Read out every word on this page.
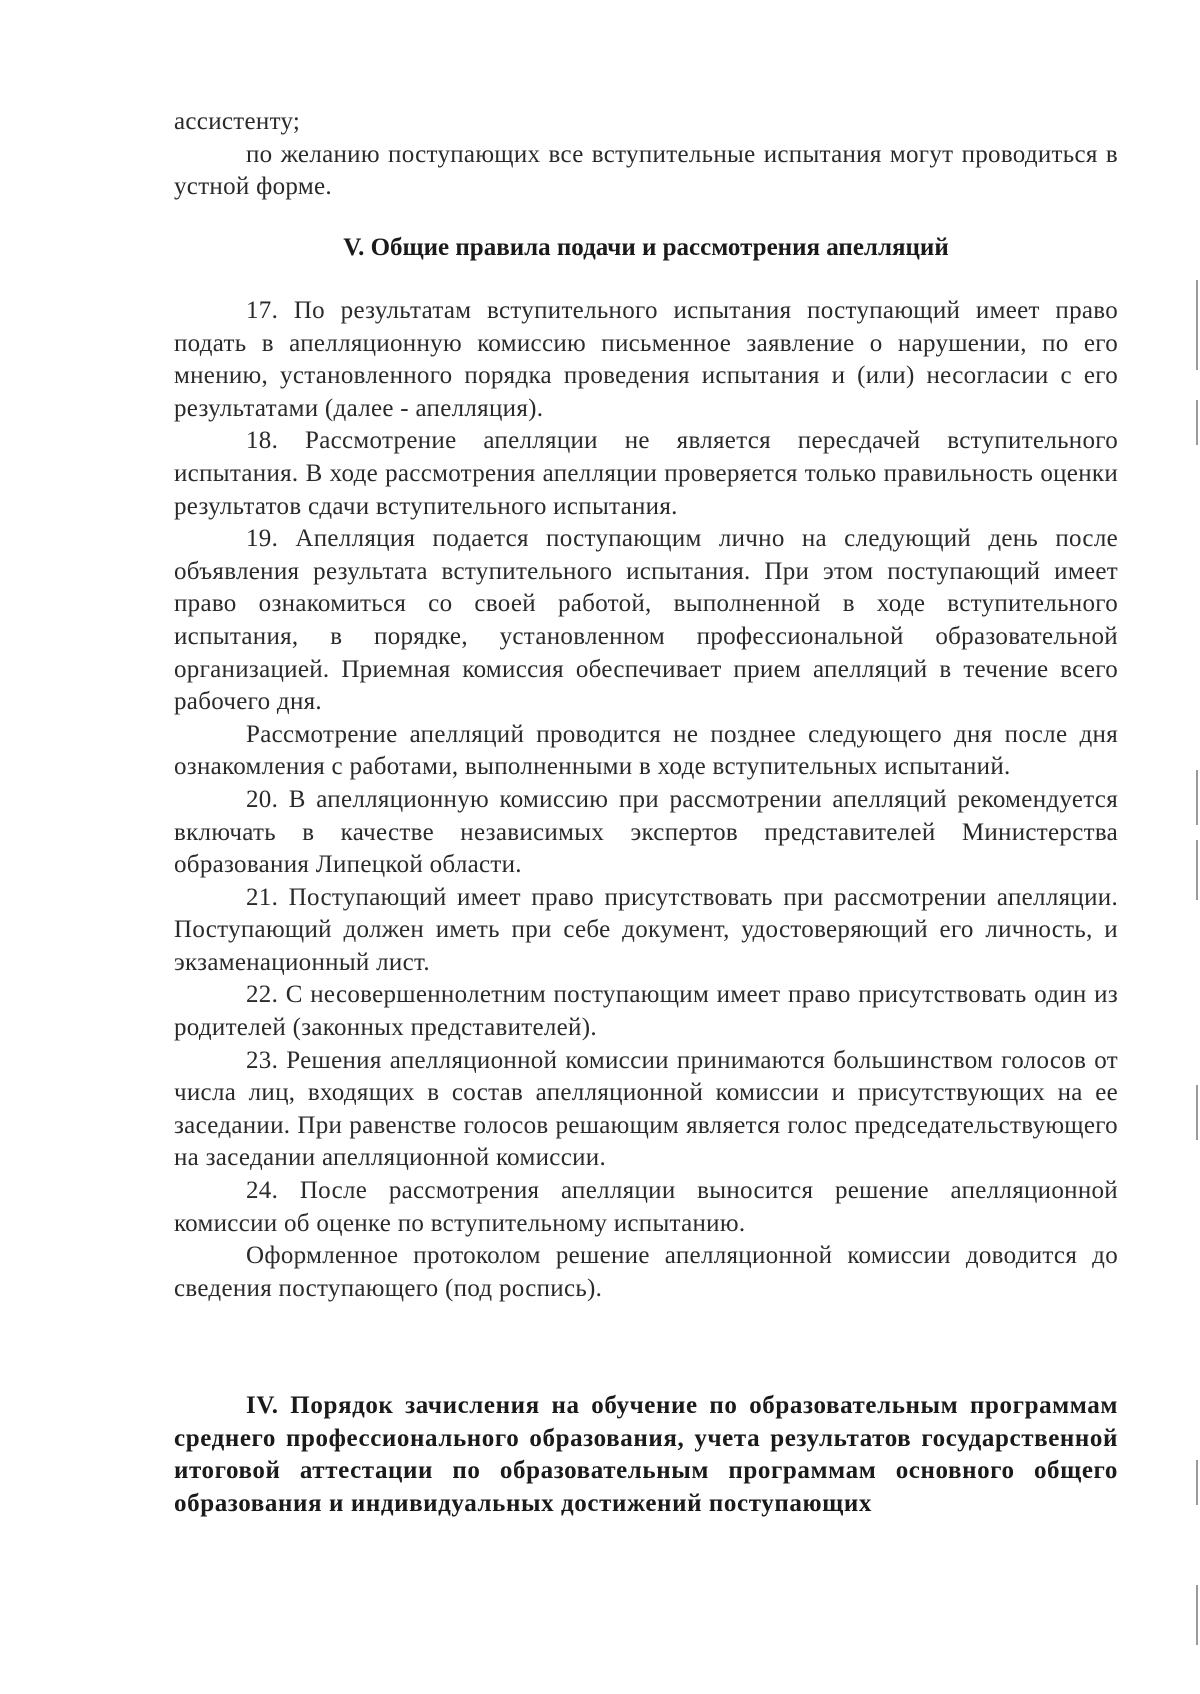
ассистенту;

по желанию поступающих все вступительные испытания могут проводиться в устной форме.

V. Общие правила подачи и рассмотрения апелляций

17. По результатам вступительного испытания поступающий имеет право подать в апелляционную комиссию письменное заявление о нарушении, по его мнению, установленного порядка проведения испытания и (или) несогласии с его результатами (далее - апелляция).

18. Рассмотрение апелляции не является пересдачей вступительного испытания. В ходе рассмотрения апелляции проверяется только правильность оценки результатов сдачи вступительного испытания.

19. Апелляция подается поступающим лично на следующий день после объявления результата вступительного испытания. При этом поступающий имеет право ознакомиться со своей работой, выполненной в ходе вступительного испытания, в порядке, установленном профессиональной образовательной организацией. Приемная комиссия обеспечивает прием апелляций в течение всего рабочего дня.

Рассмотрение апелляций проводится не позднее следующего дня после дня ознакомления с работами, выполненными в ходе вступительных испытаний.

20. В апелляционную комиссию при рассмотрении апелляций рекомендуется включать в качестве независимых экспертов представителей Министерства образования Липецкой области.

21. Поступающий имеет право присутствовать при рассмотрении апелляции. Поступающий должен иметь при себе документ, удостоверяющий его личность, и экзаменационный лист.

22. С несовершеннолетним поступающим имеет право присутствовать один из родителей (законных представителей).

23. Решения апелляционной комиссии принимаются большинством голосов от числа лиц, входящих в состав апелляционной комиссии и присутствующих на ее заседании. При равенстве голосов решающим является голос председательствующего на заседании апелляционной комиссии.

24. После рассмотрения апелляции выносится решение апелляционной комиссии об оценке по вступительному испытанию.

Оформленное протоколом решение апелляционной комиссии доводится до сведения поступающего (под роспись).

IV. Порядок зачисления на обучение по образовательным программам среднего профессионального образования, учета результатов государственной итоговой аттестации по образовательным программам основного общего образования и индивидуальных достижений поступающих
